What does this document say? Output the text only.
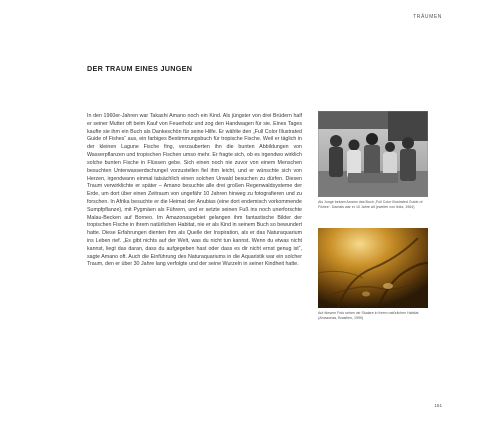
TRÄUMEN
DER TRAUM EINES JUNGEN

In den 1960er-Jahren war Takashi Amano noch ein Kind. Als jüngster von drei Brüdern half er seiner Mutter oft beim Kauf von Feuerholz und zog den Handwagen für sie. Eines Tages kaufte sie ihm ein Buch als Dankeschön für seine Hilfe. Er wählte den „Full Color Illustrated Guide of Fishes“ aus, ein farbiges Bestimmungsbuch für tropische Fische. Weil er täglich in der kleinen Lagune Fische fing, verzauberten ihn die bunten Abbildungen von Wasserpflanzen und tropischen Fischen umso mehr. Er fragte sich, ob es irgendwo wirklich solche bunten Fische in Flüssen gebe. Sich einen noch nie zuvor von einem Menschen besuchten Unterwasserdschungel vorzustellen fiel ihm leicht, und er wünschte sich von Herzen, irgendwann einmal tatsächlich einen solchen Urwald besuchen zu dürfen. Diesen Traum verwirklichte er später – Amano besuchte alle drei großen Regenwaldsysteme der Erde, um dort über einen Zeitraum von ungefähr 10 Jahren hinweg zu fotografieren und zu forschen. In Afrika besuchte er die Heimat der Anubias (eine dort endemisch vorkommende Sumpfpflanze), mit Pygmäen als Führern, und er setzte seinen Fuß ins noch unerforschte Malau-Becken auf Borneo. Im Amazonasgebiet gelangen ihm fantastische Bilder der tropischen Fische in ihrem natürlichen Habitat, nie er als Kind in seinem Buch so bewundert hatte. Diese Erfahrungen dienten ihm als Quelle der Inspiration, als er das Naturaquarium ins Leben rief. „Es gibt nichts auf der Welt, was du nicht tun kannst. Wenn du etwas nicht kannst, liegt das daran, dass du aufgegeben hast oder dass es dir nicht ernst genug ist“, sagte Amano oft. Auch die Einführung des Naturaquariums in die Aquaristik war ein solcher Traum, den er über 30 Jahre lang verfolgte und der seine Wurzeln in seiner Kindheit hatte.

Als Junge bekam Amano das Buch „Full Color Illustrated Guide of Fishes“. Damals war er 10 Jahre alt (zweiter von links, 1964)

Auf diesem Foto sehen wir Skalare in ihrem natürlichen Habitat (Amazonas, Brasilien, 1999)

151
